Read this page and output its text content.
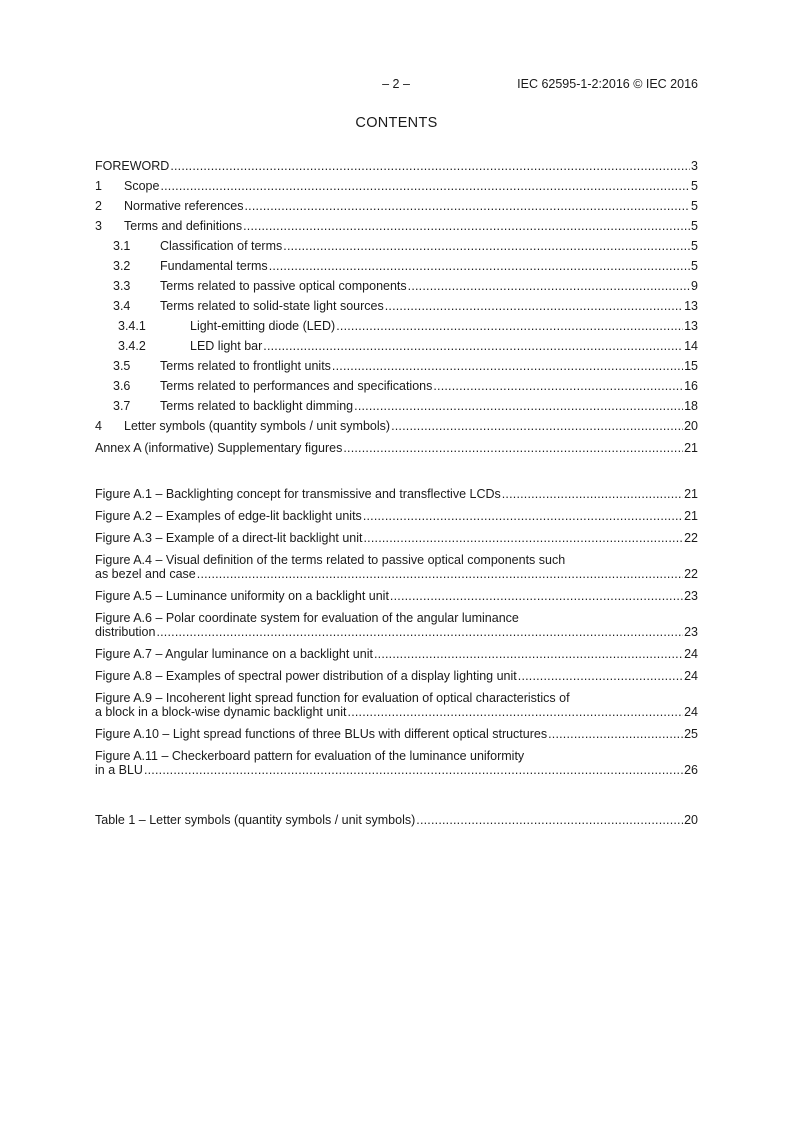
– 2 –	IEC 62595-1-2:2016 © IEC 2016
CONTENTS
FOREWORD .....	3
1	Scope .....	5
2	Normative references .....	5
3	Terms and definitions .....	5
3.1	Classification of terms .....	5
3.2	Fundamental terms .....	5
3.3	Terms related to passive optical components .....	9
3.4	Terms related to solid-state light sources .....	13
3.4.1	Light-emitting diode (LED) .....	13
3.4.2	LED light bar .....	14
3.5	Terms related to frontlight units .....	15
3.6	Terms related to performances and specifications .....	16
3.7	Terms related to backlight dimming .....	18
4	Letter symbols (quantity symbols / unit symbols) .....	20
Annex A (informative) Supplementary figures .....	21
Figure A.1 – Backlighting concept for transmissive and transflective LCDs .....	21
Figure A.2 – Examples of edge-lit backlight units .....	21
Figure A.3 – Example of a direct-lit backlight unit .....	22
Figure A.4 – Visual definition of the terms related to passive optical components such
as bezel and case .....	22
Figure A.5 – Luminance uniformity on a backlight unit .....	23
Figure A.6 – Polar coordinate system for evaluation of the angular luminance
distribution .....	23
Figure A.7 – Angular luminance on a backlight unit .....	24
Figure A.8 – Examples of spectral power distribution of a display lighting unit .....	24
Figure A.9 – Incoherent light spread function for evaluation of optical characteristics of
a block in a block-wise dynamic backlight unit .....	24
Figure A.10 – Light spread functions of three BLUs with different optical structures .....	25
Figure A.11 – Checkerboard pattern for evaluation of the luminance uniformity
in a BLU .....	26
Table 1 – Letter symbols (quantity symbols / unit symbols) .....	20
